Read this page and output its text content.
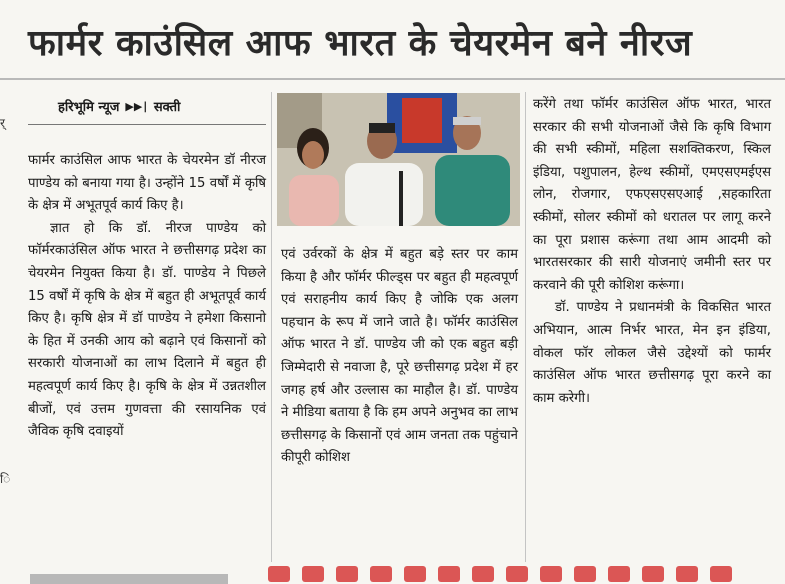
फार्मर काउंसिल आफ भारत के चेयरमेन बने नीरज
र्
ि
हरिभूमि न्यूज ▶▶∣ सक्ती

फार्मर काउंसिल आफ भारत के चेयरमेन डॉ नीरज पाण्डेय को बनाया गया है। उन्होंने 15 वर्षों में कृषि के क्षेत्र में अभूतपूर्व कार्य किए है।

ज्ञात हो कि डॉ. नीरज पाण्डेय को फॉर्मरकाउंसिल ऑफ भारत ने छत्तीसगढ़ प्रदेश का चेयरमेन नियुक्त किया है। डॉ. पाण्डेय ने पिछले 15 वर्षों में कृषि के क्षेत्र में बहुत ही अभूतपूर्व कार्य किए है। कृषि क्षेत्र में डॉ पाण्डेय ने हमेशा किसानो के हित में उनकी आय को बढ़ाने एवं किसानों को सरकारी योजनाओं का लाभ दिलाने में बहुत ही महत्वपूर्ण कार्य किए है। कृषि के क्षेत्र में उन्नतशील बीजों, एवं उत्तम गुणवत्ता की रसायनिक एवं जैविक कृषि दवाइयों

एवं उर्वरकों के क्षेत्र में बहुत बड़े स्तर पर काम किया है और फॉर्मर फील्ड्स पर बहुत ही महत्वपूर्ण एवं सराहनीय कार्य किए है जोकि एक अलग पहचान के रूप में जाने जाते है। फॉर्मर काउंसिल ऑफ भारत ने डॉ. पाण्डेय जी को एक बहुत बड़ी जिम्मेदारी से नवाजा है, पूरे छत्तीसगढ़ प्रदेश में हर जगह हर्ष और उल्लास का माहौल है। डॉ. पाण्डेय ने मीडिया बताया है कि हम अपने अनुभव का लाभ छत्तीसगढ़ के किसानों एवं आम जनता तक पहुंचाने कीपूरी कोशिश

करेंगे तथा फॉर्मर काउंसिल ऑफ भारत, भारत सरकार की सभी योजनाओं जैसे कि कृषि विभाग की सभी स्कीमों, महिला सशक्तिकरण, स्किल इंडिया, पशुपालन, हेल्थ स्कीमों, एमएसएमईएस लोन, रोजगार, एफएसएसएआई ,सहकारिता स्कीमों, सोलर स्कीमों को धरातल पर लागू करने का पूरा प्रशास करूंगा तथा आम आदमी को भारतसरकार की सारी योजनाएं जमीनी स्तर पर करवाने की पूरी कोशिश करूंगा।

डॉ. पाण्डेय ने प्रधानमंत्री के विकसित भारत अभियान, आत्म निर्भर भारत, मेन इन इंडिया, वोकल फॉर लोकल जैसे उद्देश्यों को फार्मर काउंसिल ऑफ भारत छत्तीसगढ़ पूरा करने का काम करेगी।
